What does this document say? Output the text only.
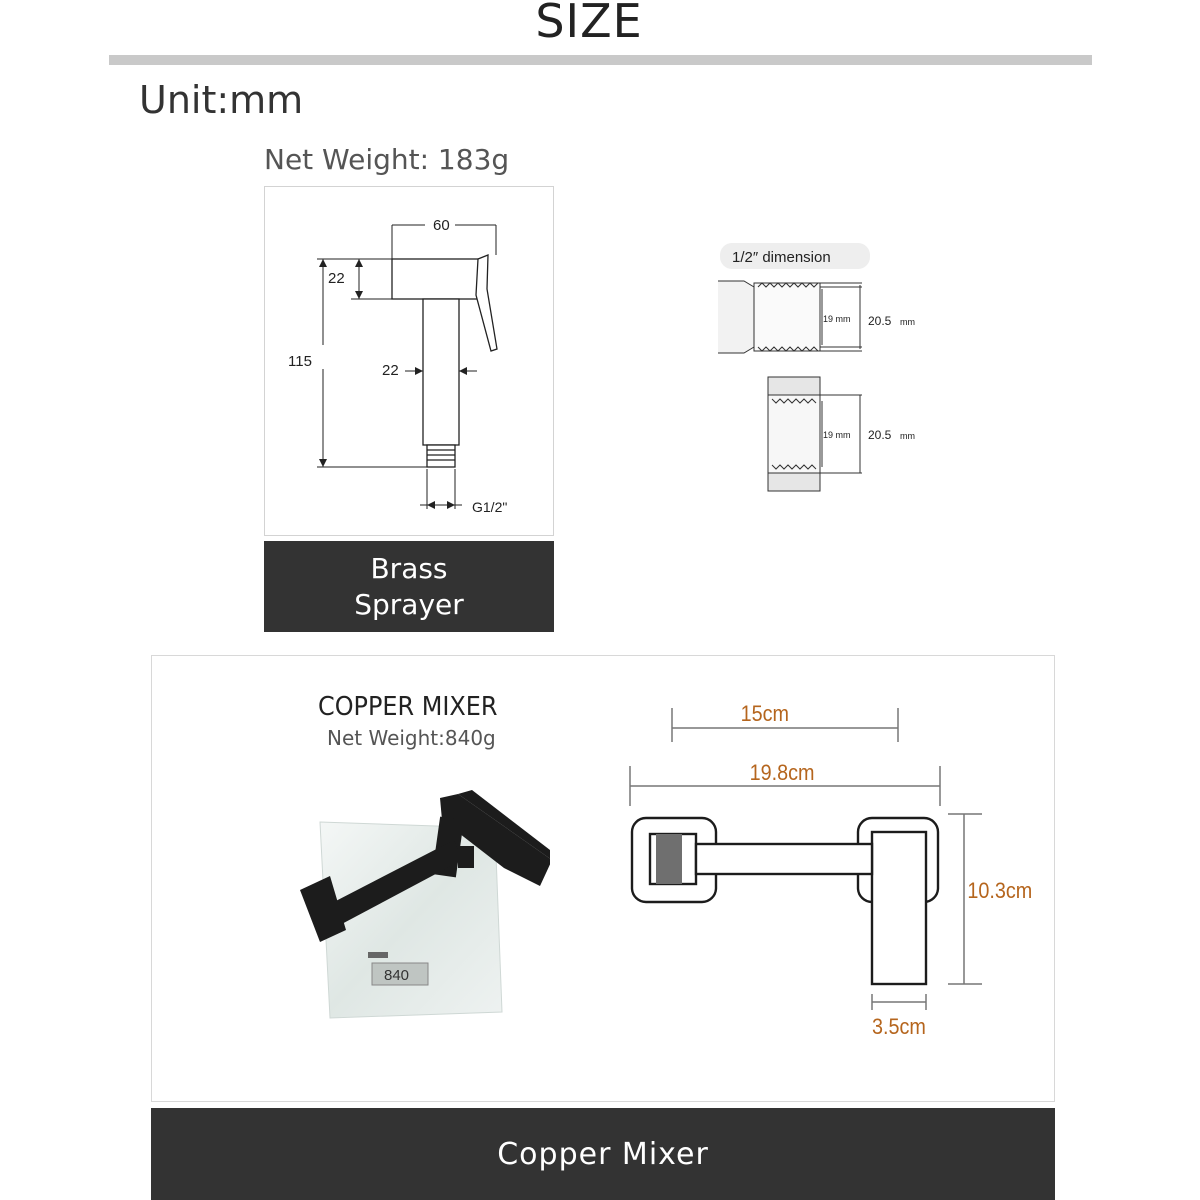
SIZE
Unit:mm
Net Weight: 183g
60
22
115
22
G1/2"
Brass
Sprayer
1/2″ dimension
19 mm 20.5 mm
19 mm 20.5 mm
COPPER MIXER
Net Weight:840g
840
15cm
19.8cm
10.3cm
3.5cm
Copper Mixer
